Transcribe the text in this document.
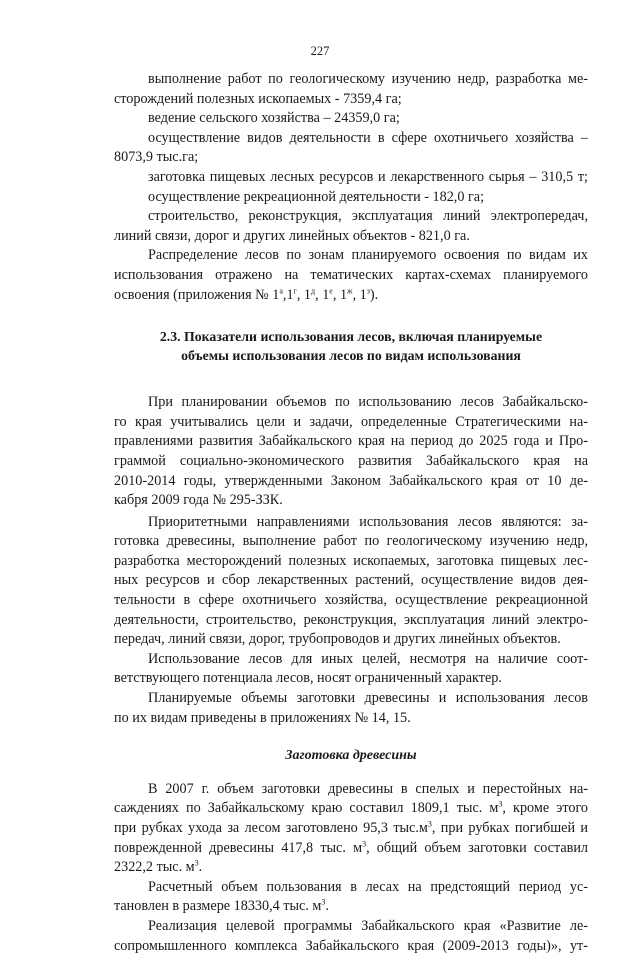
227
выполнение работ по геологическому изучению недр, разработка ме-
сторождений полезных ископаемых - 7359,4 га;
ведение сельского хозяйства – 24359,0 га;
осуществление видов деятельности в сфере охотничьего хозяйства –
8073,9 тыс.га;
заготовка пищевых лесных ресурсов и лекарственного сырья – 310,5 т;
осуществление рекреационной деятельности - 182,0 га;
строительство, реконструкция, эксплуатация линий электропередач,
линий связи, дорог и других линейных объектов - 821,0 га.
Распределение лесов по зонам планируемого освоения по видам их
использования отражено на тематических картах-схемах планируемого
освоения (приложения № $1^а,1^г$, $1^д$, $1^е$, $1^ж$, $1^з$).
2.3. Показатели использования лесов, включая планируемые
объемы использования лесов по видам использования
При планировании объемов по использованию лесов Забайкальско-
го края учитывались цели и задачи, определенные Стратегическими на-
правлениями развития Забайкальского края на период до 2025 года и Про-
граммой социально-экономического развития Забайкальского края на
2010-2014 годы, утвержденными Законом Забайкальского края от 10 де-
кабря 2009 года № 295-ЗЗК.
Приоритетными направлениями использования лесов являются: за-
готовка древесины, выполнение работ по геологическому изучению недр,
разработка месторождений полезных ископаемых, заготовка пищевых лес-
ных ресурсов и сбор лекарственных растений, осуществление видов дея-
тельности в сфере охотничьего хозяйства, осуществление рекреационной
деятельности, строительство, реконструкция, эксплуатация линий электро-
передач, линий связи, дорог, трубопроводов и других линейных объектов.
Использование лесов для иных целей, несмотря на наличие соот-
ветствующего потенциала лесов, носят ограниченный характер.
Планируемые объемы заготовки древесины и использования лесов
по их видам приведены в приложениях № 14, 15.
Заготовка древесины
В 2007 г. объем заготовки древесины в спелых и перестойных на-
саждениях по Забайкальскому краю составил 1809,1 тыс. $м^3$, кроме этого
при рубках ухода за лесом заготовлено 95,3 $тыс.м^3$, при рубках погибшей и
поврежденной древесины 417,8 тыс. $м^3$, общий объем заготовки составил
2322,2 тыс. $м^3$.
Расчетный объем пользования в лесах на предстоящий период ус-
тановлен в размере 18330,4 тыс. $м^3$.
Реализация целевой программы Забайкальского края «Развитие ле-
сопромышленного комплекса Забайкальского края (2009-2013 годы)», ут-
